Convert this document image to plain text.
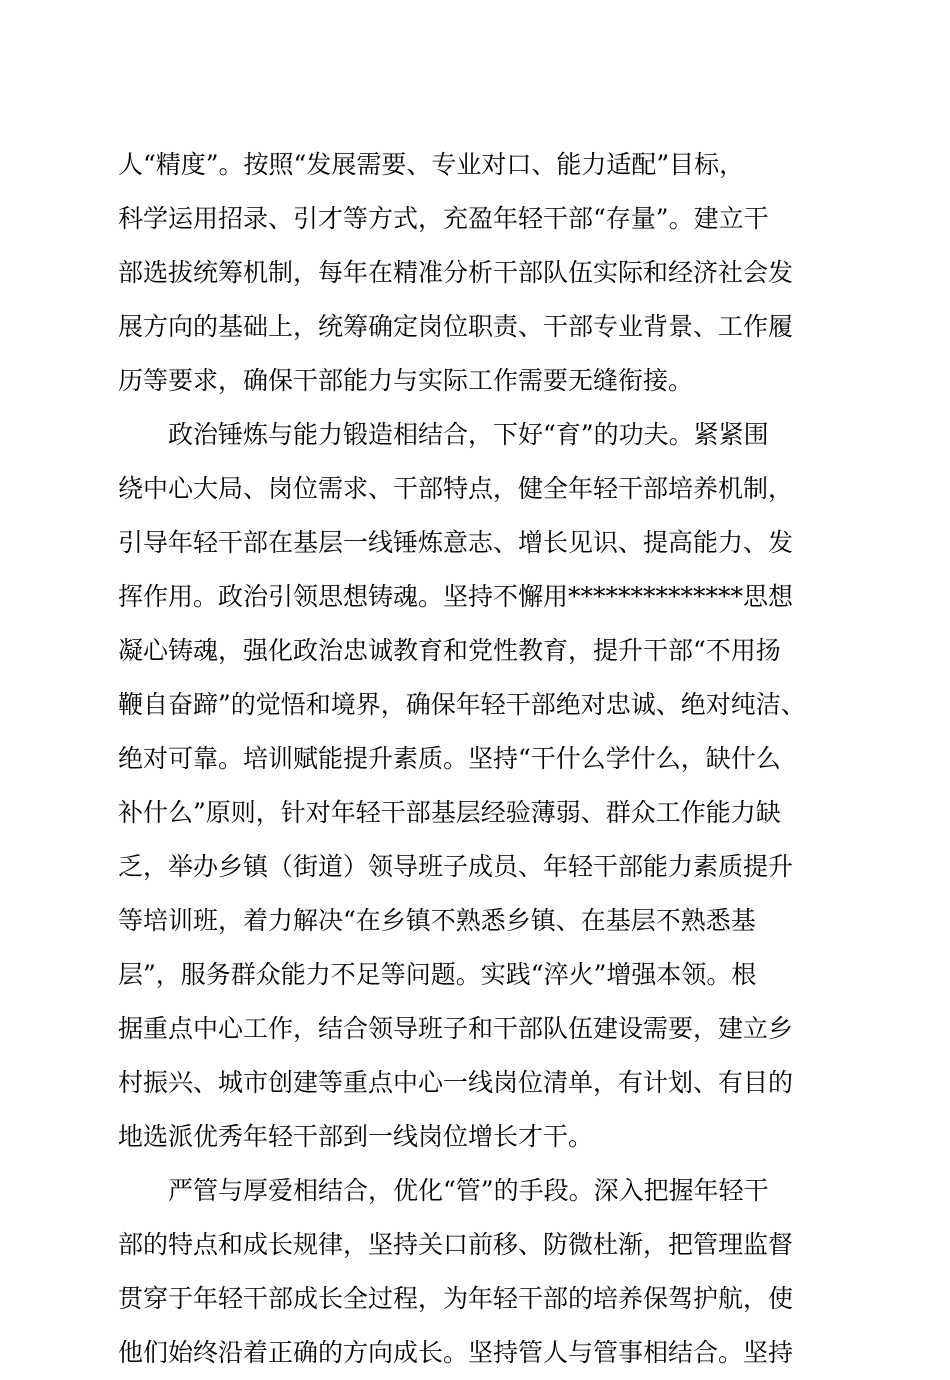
人“精度”。按照“发展需要、专业对口、能力适配”目标，
科学运用招录、引才等方式，充盈年轻干部“存量”。建立干
部选拔统筹机制，每年在精准分析干部队伍实际和经济社会发
展方向的基础上，统筹确定岗位职责、干部专业背景、工作履
历等要求，确保干部能力与实际工作需要无缝衔接。
政治锤炼与能力锻造相结合，下好“育”的功夫。紧紧围
绕中心大局、岗位需求、干部特点，健全年轻干部培养机制，
引导年轻干部在基层一线锤炼意志、增长见识、提高能力、发
挥作用。政治引领思想铸魂。坚持不懈用**************思想
凝心铸魂，强化政治忠诚教育和党性教育，提升干部“不用扬
鞭自奋蹄”的觉悟和境界，确保年轻干部绝对忠诚、绝对纯洁、
绝对可靠。培训赋能提升素质。坚持“干什么学什么，缺什么
补什么”原则，针对年轻干部基层经验薄弱、群众工作能力缺
乏，举办乡镇（街道）领导班子成员、年轻干部能力素质提升
等培训班，着力解决“在乡镇不熟悉乡镇、在基层不熟悉基
层”，服务群众能力不足等问题。实践“淬火”增强本领。根
据重点中心工作，结合领导班子和干部队伍建设需要，建立乡
村振兴、城市创建等重点中心一线岗位清单，有计划、有目的
地选派优秀年轻干部到一线岗位增长才干。
严管与厚爱相结合，优化“管”的手段。深入把握年轻干
部的特点和成长规律，坚持关口前移、防微杜渐，把管理监督
贯穿于年轻干部成长全过程，为年轻干部的培养保驾护航，使
他们始终沿着正确的方向成长。坚持管人与管事相结合。坚持
